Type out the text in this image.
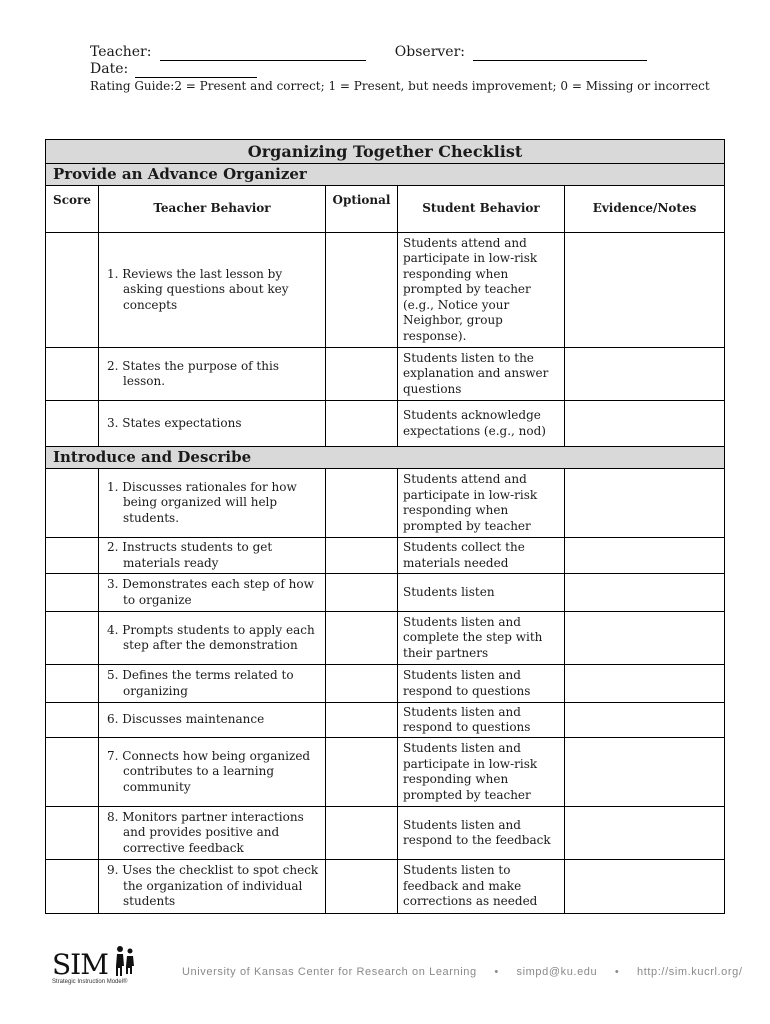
Teacher:	Observer:
Date:
Rating Guide:2 = Present and correct; 1 = Present, but needs improvement; 0 = Missing or incorrect
Organizing Together Checklist				
Provide an Advance Organizer				
Score	Teacher Behavior	Optional	Student Behavior	Evidence/Notes
	1. Reviews the last lesson by asking questions about key concepts		Students attend and participate in low-risk responding when prompted by teacher (e.g., Notice your Neighbor, group response).	
	2. States the purpose of this lesson.		Students listen to the explanation and answer questions	
	3. States expectations		Students acknowledge expectations (e.g., nod)	
Introduce and Describe				
	1. Discusses rationales for how being organized will help students.		Students attend and participate in low-risk responding when prompted by teacher	
	2. Instructs students to get materials ready		Students collect the materials needed	
	3. Demonstrates each step of how to organize		Students listen	
	4. Prompts students to apply each step after the demonstration		Students listen and complete the step with their partners	
	5. Defines the terms related to organizing		Students listen and respond to questions	
	6. Discusses maintenance		Students listen and respond to questions	
	7. Connects how being organized contributes to a learning community		Students listen and participate in low-risk responding when prompted by teacher	
	8. Monitors partner interactions and provides positive and corrective feedback		Students listen and respond to the feedback	
	9. Uses the checklist to spot check the organization of individual students		Students listen to feedback and make corrections as needed	
SIM
Strategic Instruction Model®
University of Kansas Center for Research on Learning • simpd@ku.edu • http://sim.kucrl.org/
